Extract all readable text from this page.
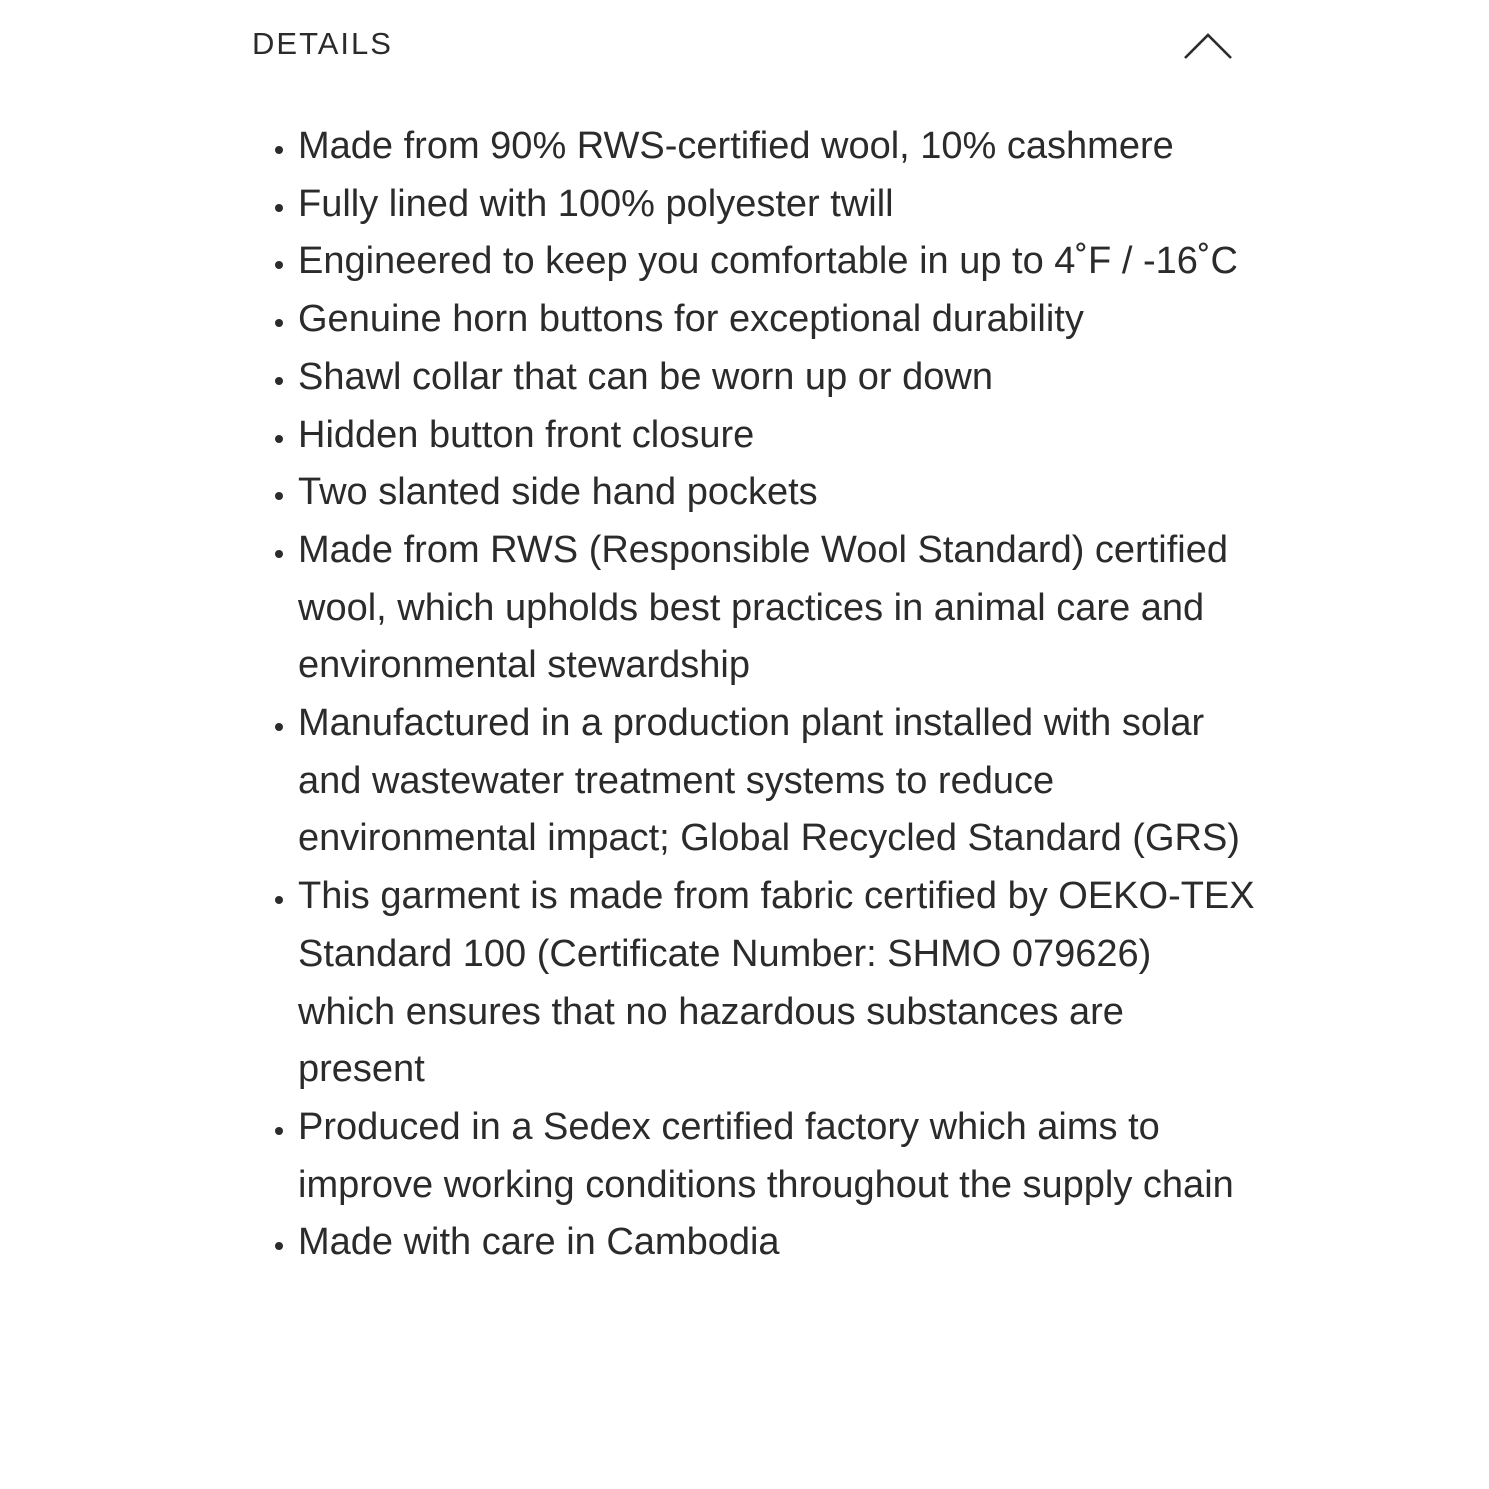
DETAILS
• Made from 90% RWS-certified wool, 10% cashmere
• Fully lined with 100% polyester twill
• Engineered to keep you comfortable in up to 4˚F / -16˚C
• Genuine horn buttons for exceptional durability
• Shawl collar that can be worn up or down
• Hidden button front closure
• Two slanted side hand pockets
• Made from RWS (Responsible Wool Standard) certified wool, which upholds best practices in animal care and environmental stewardship
• Manufactured in a production plant installed with solar and wastewater treatment systems to reduce environmental impact; Global Recycled Standard (GRS)
• This garment is made from fabric certified by OEKO-TEX Standard 100 (Certificate Number: SHMO 079626) which ensures that no hazardous substances are present
• Produced in a Sedex certified factory which aims to improve working conditions throughout the supply chain
• Made with care in Cambodia
